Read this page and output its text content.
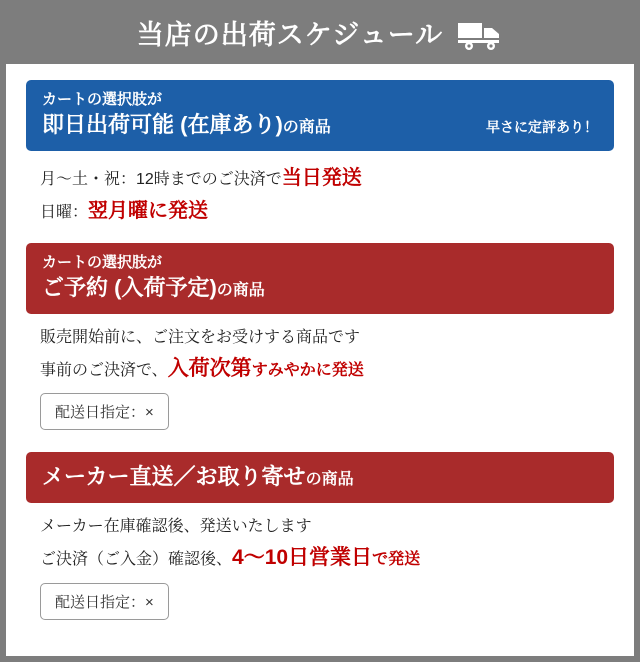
当店の出荷スケジュール
カートの選択肢が
即日出荷可能 (在庫あり)の商品	早さに定評あり！
月〜土・祝：12時までのご決済で当日発送
日曜：翌月曜に発送
カートの選択肢が
ご予約 (入荷予定)の商品
販売開始前に、ご注文をお受けする商品です
事前のご決済で、入荷次第すみやかに発送
配送日指定：×
メーカー直送／お取り寄せの商品
メーカー在庫確認後、発送いたします
ご決済（ご入金）確認後、4〜10日営業日で発送
配送日指定：×
